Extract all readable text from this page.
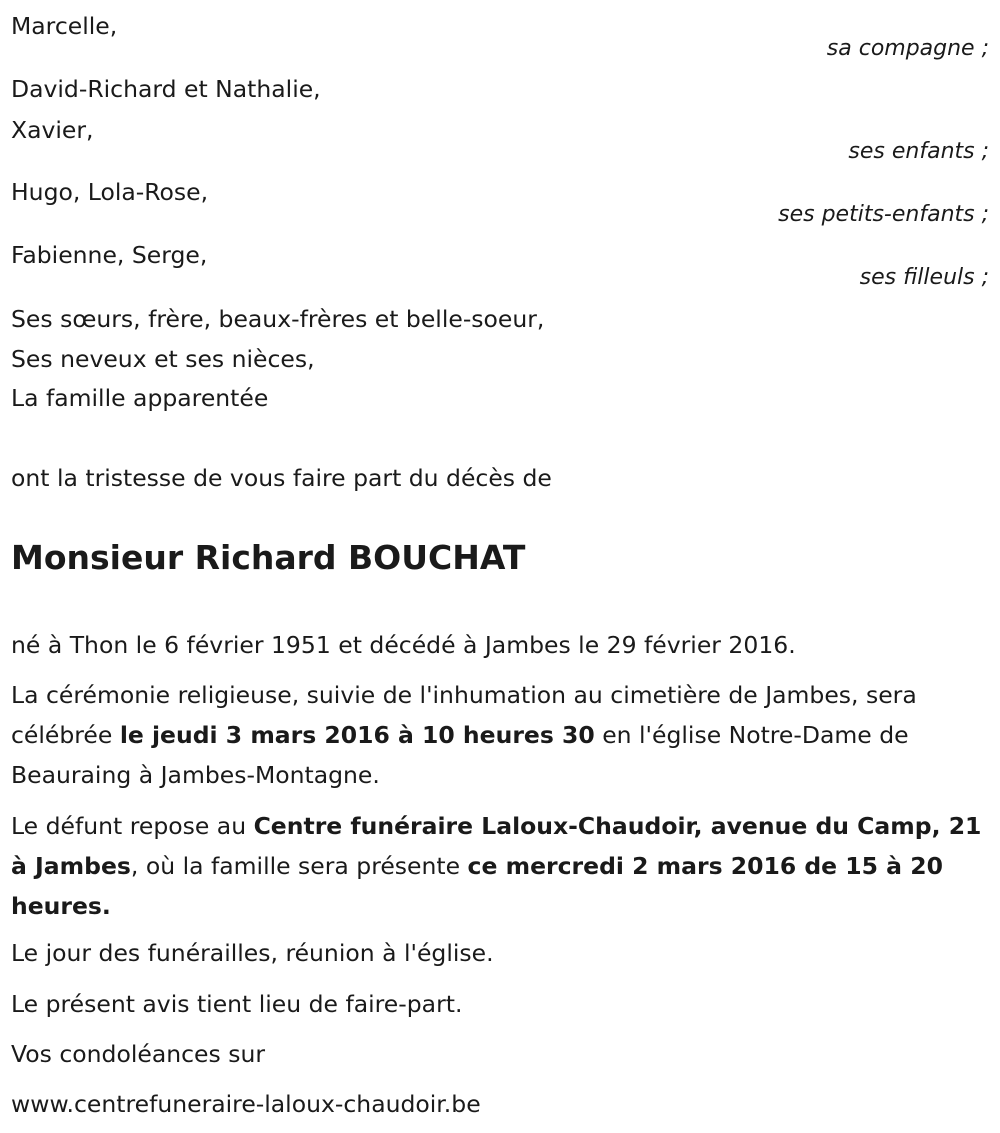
Marcelle,
sa compagne ;
David-Richard et Nathalie,
Xavier,
ses enfants ;
Hugo, Lola-Rose,
ses petits-enfants ;
Fabienne, Serge,
ses filleuls ;
Ses sœurs, frère, beaux-frères et belle-soeur,
Ses neveux et ses nièces,
La famille apparentée
ont la tristesse de vous faire part du décès de
Monsieur Richard BOUCHAT
né à Thon le 6 février 1951 et décédé à Jambes le 29 février 2016.
La cérémonie religieuse, suivie de l'inhumation au cimetière de Jambes, sera célébrée le jeudi 3 mars 2016 à 10 heures 30 en l'église Notre-Dame de Beauraing à Jambes-Montagne.
Le défunt repose au Centre funéraire Laloux-Chaudoir, avenue du Camp, 21 à Jambes, où la famille sera présente ce mercredi 2 mars 2016 de 15 à 20 heures.
Le jour des funérailles, réunion à l'église.
Le présent avis tient lieu de faire-part.
Vos condoléances sur
www.centrefuneraire-laloux-chaudoir.be
